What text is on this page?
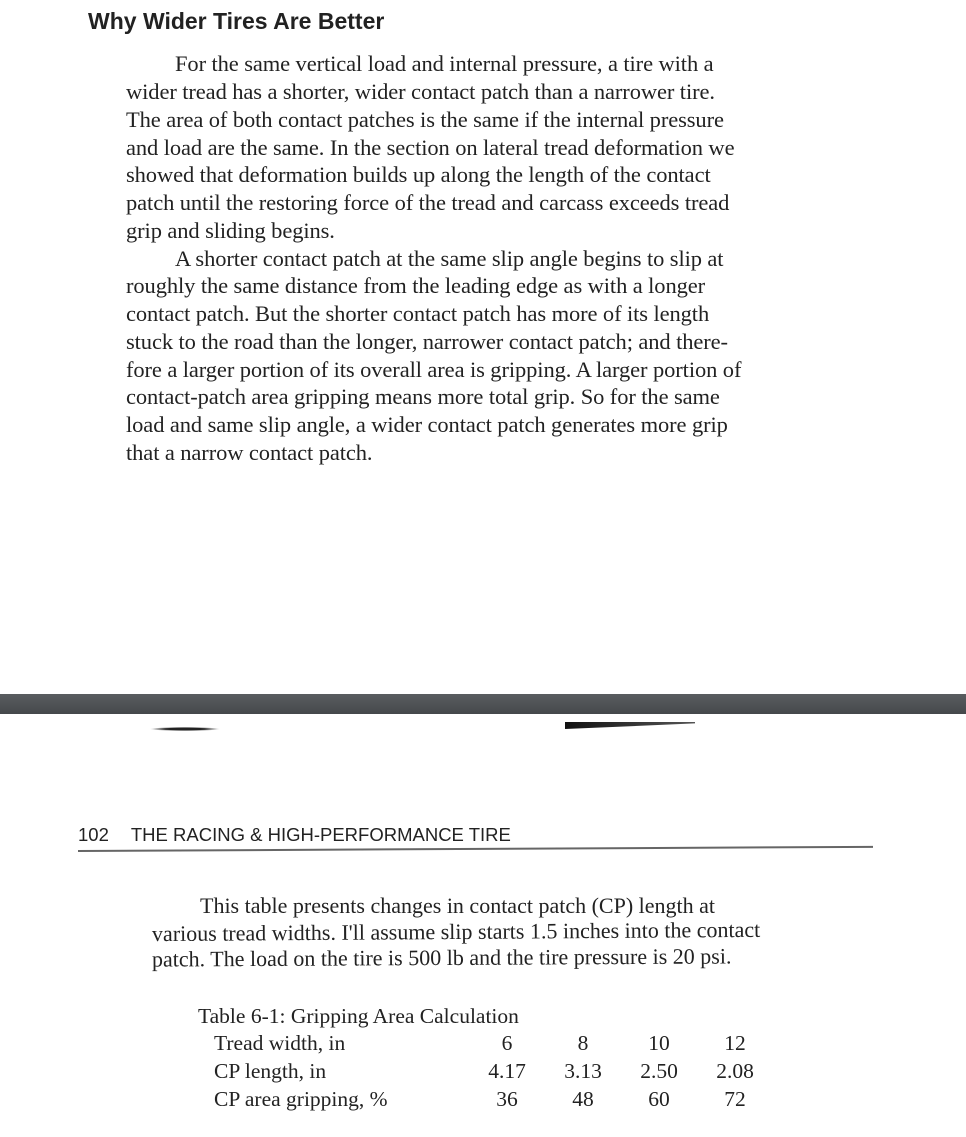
Why Wider Tires Are Better
For the same vertical load and internal pressure, a tire with a
wider tread has a shorter, wider contact patch than a narrower tire.
The area of both contact patches is the same if the internal pressure
and load are the same. In the section on lateral tread deformation we
showed that deformation builds up along the length of the contact
patch until the restoring force of the tread and carcass exceeds tread
grip and sliding begins.
A shorter contact patch at the same slip angle begins to slip at
roughly the same distance from the leading edge as with a longer
contact patch. But the shorter contact patch has more of its length
stuck to the road than the longer, narrower contact patch; and there-
fore a larger portion of its overall area is gripping. A larger portion of
contact-patch area gripping means more total grip. So for the same
load and same slip angle, a wider contact patch generates more grip
that a narrow contact patch.
102 THE RACING & HIGH-PERFORMANCE TIRE
This table presents changes in contact patch (CP) length at
various tread widths. I'll assume slip starts 1.5 inches into the contact
patch. The load on the tire is 500 lb and the tire pressure is 20 psi.
Table 6-1: Gripping Area Calculation
Tread width, in	6	8	10	12
CP length, in	4.17	3.13	2.50	2.08
CP area gripping, %	36	48	60	72
